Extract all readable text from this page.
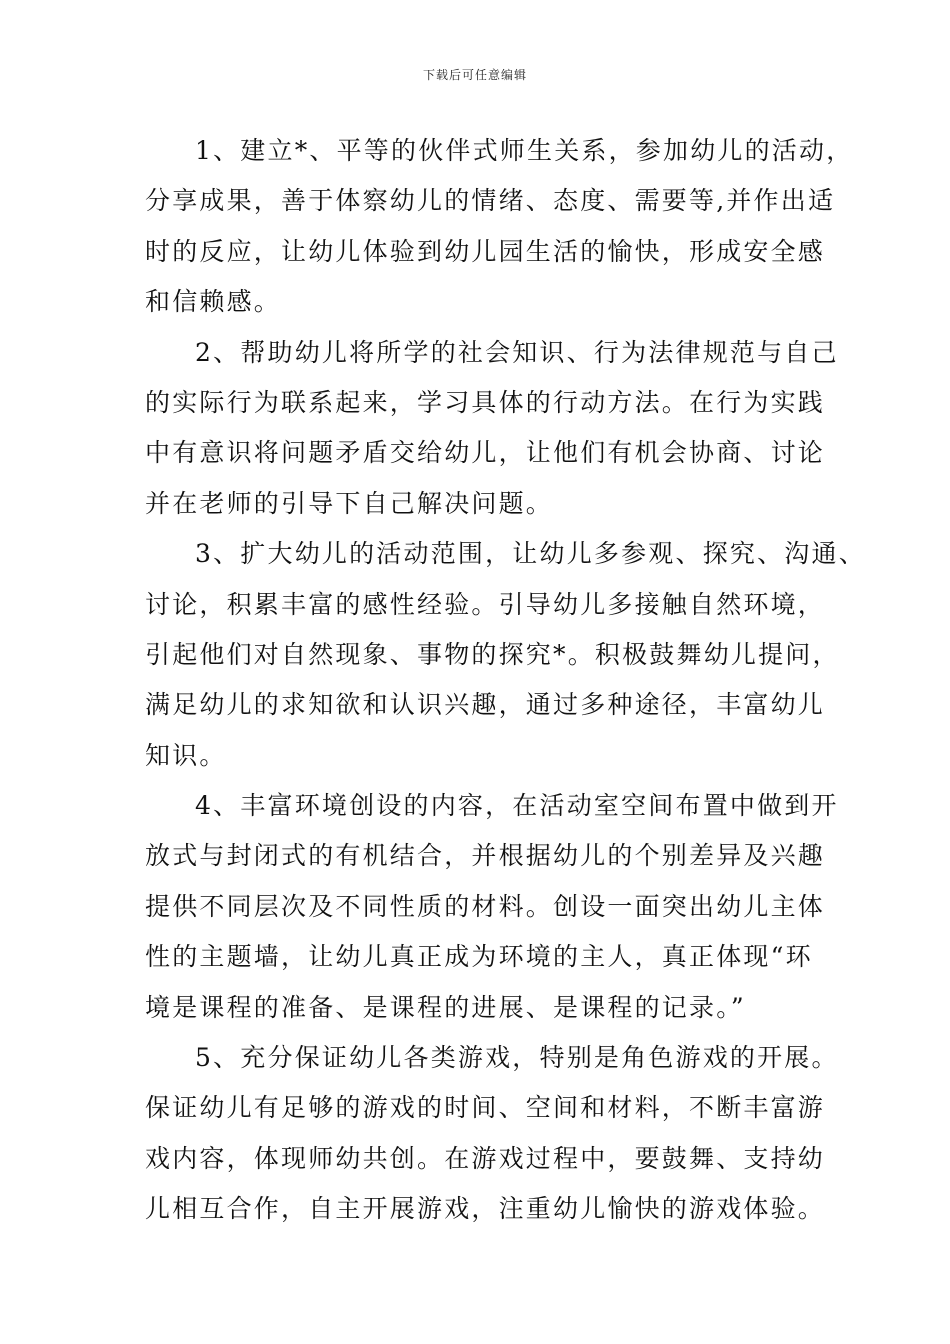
下载后可任意编辑
1、建立*、平等的伙伴式师生关系，参加幼儿的活动，
分享成果，善于体察幼儿的情绪、态度、需要等,并作出适
时的反应，让幼儿体验到幼儿园生活的愉快，形成安全感
和信赖感。
2、帮助幼儿将所学的社会知识、行为法律规范与自己
的实际行为联系起来，学习具体的行动方法。在行为实践
中有意识将问题矛盾交给幼儿，让他们有机会协商、讨论
并在老师的引导下自己解决问题。
3、扩大幼儿的活动范围，让幼儿多参观、探究、沟通、
讨论，积累丰富的感性经验。引导幼儿多接触自然环境，
引起他们对自然现象、事物的探究*。积极鼓舞幼儿提问，
满足幼儿的求知欲和认识兴趣，通过多种途径，丰富幼儿
知识。
4、丰富环境创设的内容，在活动室空间布置中做到开
放式与封闭式的有机结合，并根据幼儿的个别差异及兴趣
提供不同层次及不同性质的材料。创设一面突出幼儿主体
性的主题墙，让幼儿真正成为环境的主人，真正体现“环
境是课程的准备、是课程的进展、是课程的记录。”
5、充分保证幼儿各类游戏，特别是角色游戏的开展。
保证幼儿有足够的游戏的时间、空间和材料，不断丰富游
戏内容，体现师幼共创。在游戏过程中，要鼓舞、支持幼
儿相互合作，自主开展游戏，注重幼儿愉快的游戏体验。
